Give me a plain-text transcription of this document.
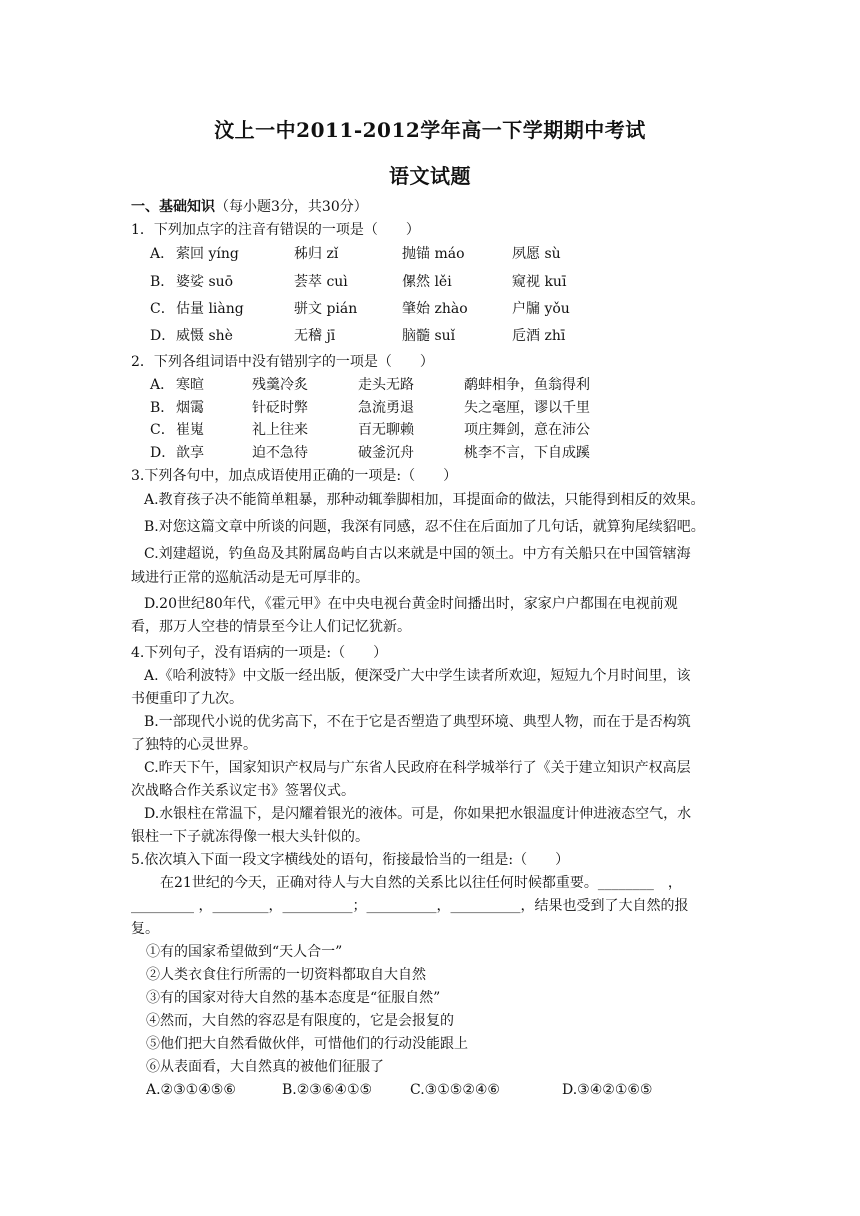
汶上一中2011-2012学年高一下学期期中考试
语文试题
一、基础知识（每小题3分，共30分）
1．下列加点字的注音有错误的一项是（　　）
A． 萦回 yíng	秭归 zǐ	抛锚 máo	夙愿 sù
B． 婆娑 suō	荟萃 cuì	傫然 lěi	窥视 kuī
C． 估量 liàng	骈文 pián	肇始 zhào	户牖 yǒu
D． 威慑 shè	无稽 jī	脑髓 suǐ	卮酒 zhī
2．下列各组词语中没有错别字的一项是（　　）
A． 寒暄	残羹冷炙	走头无路	鹬蚌相争，鱼翁得利
B． 烟霭	针砭时弊	急流勇退	失之毫厘，谬以千里
C． 崔嵬	礼上往来	百无聊赖	项庄舞剑，意在沛公
D． 歆享	迫不急待	破釜沉舟	桃李不言，下自成蹊
3.下列各句中，加点成语使用正确的一项是:（　　）
A.教育孩子决不能简单粗暴，那种动辄拳脚相加，耳提面命的做法，只能得到相反的效果。
B.对您这篇文章中所谈的问题，我深有同感，忍不住在后面加了几句话，就算狗尾续貂吧。
C.刘建超说，钓鱼岛及其附属岛屿自古以来就是中国的领土。中方有关船只在中国管辖海
域进行正常的巡航活动是无可厚非的。
D.20世纪80年代，《霍元甲》在中央电视台黄金时间播出时，家家户户都围在电视前观
看，那万人空巷的情景至今让人们记忆犹新。
4.下列句子，没有语病的一项是:（　　）
A.《哈利波特》中文版一经出版，便深受广大中学生读者所欢迎，短短九个月时间里，该
书便重印了九次。
B.一部现代小说的优劣高下，不在于它是否塑造了典型环境、典型人物，而在于是否构筑
了独特的心灵世界。
C.昨天下午，国家知识产权局与广东省人民政府在科学城举行了《关于建立知识产权高层
次战略合作关系议定书》签署仪式。
D.水银柱在常温下，是闪耀着银光的液体。可是，你如果把水银温度计伸进液态空气，水
银柱一下子就冻得像一根大头针似的。
5.依次填入下面一段文字横线处的语句，衔接最恰当的一组是:（　　）
在21世纪的今天，正确对待人与大自然的关系比以往任何时候都重要。________　，
_________ ，________，__________；__________，__________，结果也受到了大自然的报
复。
①有的国家希望做到“天人合一”
②人类衣食住行所需的一切资料都取自大自然
③有的国家对待大自然的基本态度是“征服自然”
④然而，大自然的容忍是有限度的，它是会报复的
⑤他们把大自然看做伙伴，可惜他们的行动没能跟上
⑥从表面看，大自然真的被他们征服了
A.②③①④⑤⑥	B.②③⑥④①⑤	C.③①⑤②④⑥	D.③④②①⑥⑤
